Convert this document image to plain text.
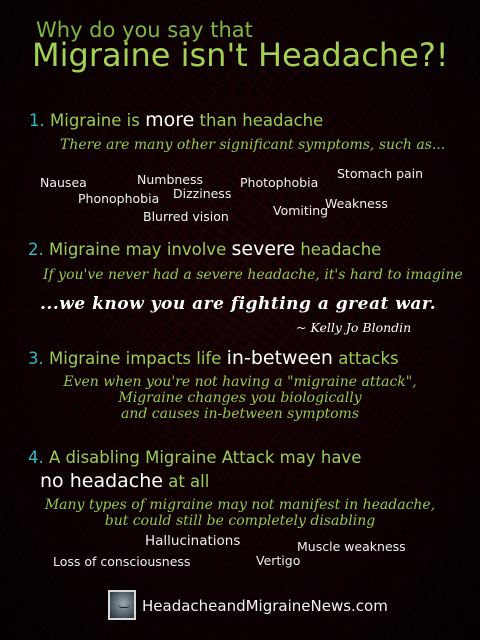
Why do you say that

Migraine isn't Headache?!

1. Migraine is more than headache

There are many other significant symptoms, such as...

Nausea	Numbness	Photophobia

Stomach pain

Phonophobia Dizziness

Blurred vision	Vomiting

Weakness

2. Migraine may involve severe headache

If you've never had a severe headache, it's hard to imagine

...we know you are fighting a great war.

~ Kelly Jo Blondin

3. Migraine impacts life in-between attacks

Even when you're not having a "migraine attack",

Migraine changes you biologically

and causes in-between symptoms

4. A disabling Migraine Attack may have

no headache at all

Many types of migraine may not manifest in headache,

but could still be completely disabling

Hallucinations	Muscle weakness

Loss of consciousness	Vertigo

HeadacheandMigraineNews.com
